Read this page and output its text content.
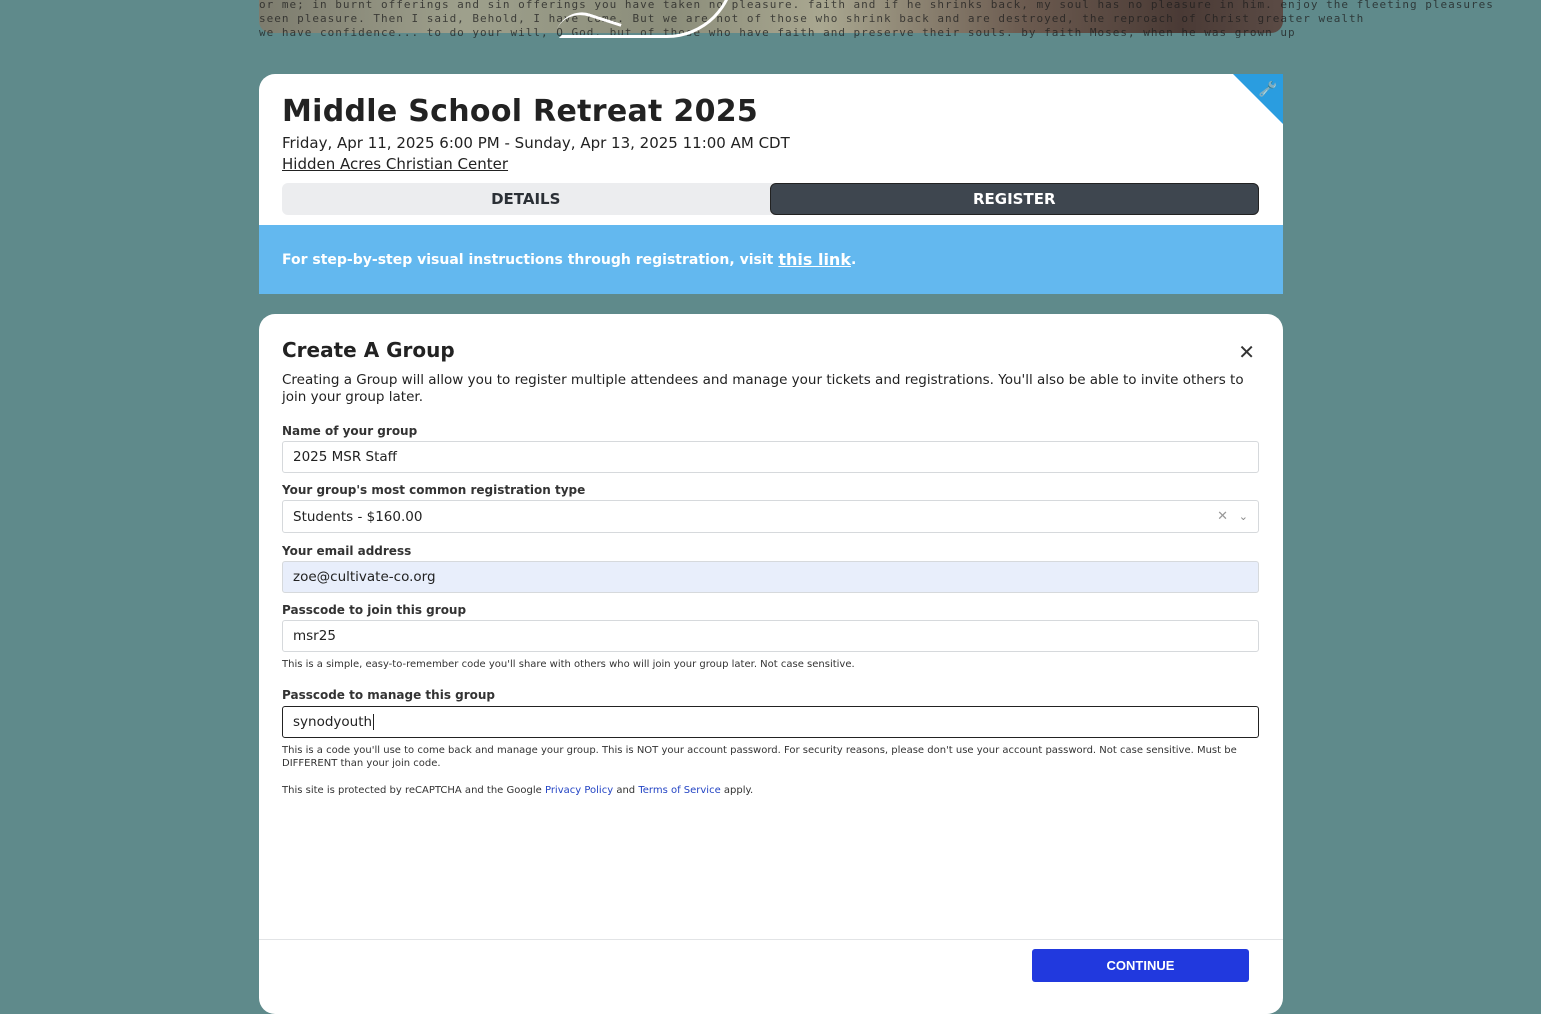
or me; in burnt offerings and sin offerings you have taken no pleasure. faith and if he shrinks back, my soul has no pleasure in him. enjoy the fleeting pleasures
seen pleasure. Then I said, Behold, I have come. But we are not of those who shrink back and are destroyed, the reproach of Christ greater wealth
we have confidence... to do your will, O God. but of those who have faith and preserve their souls. by faith Moses, when he was grown up
Middle School Retreat 2025
Friday, Apr 11, 2025 6:00 PM - Sunday, Apr 13, 2025 11:00 AM CDT
Hidden Acres Christian Center
🔧
DETAILS	REGISTER
For step-by-step visual instructions through registration, visit this link .
Create A Group	✕
Creating a Group will allow you to register multiple attendees and manage your tickets and registrations. You'll also be able to invite others to join your group later.
Name of your group
2025 MSR Staff
Your group's most common registration type
Students - $160.00	✕ ⌄
Your email address
zoe@cultivate-co.org
Passcode to join this group
msr25
This is a simple, easy-to-remember code you'll share with others who will join your group later. Not case sensitive.
Passcode to manage this group
synodyouth
This is a code you'll use to come back and manage your group. This is NOT your account password. For security reasons, please don't use your account password. Not case sensitive. Must be DIFFERENT than your join code.
This site is protected by reCAPTCHA and the Google Privacy Policy and Terms of Service apply.
CONTINUE
